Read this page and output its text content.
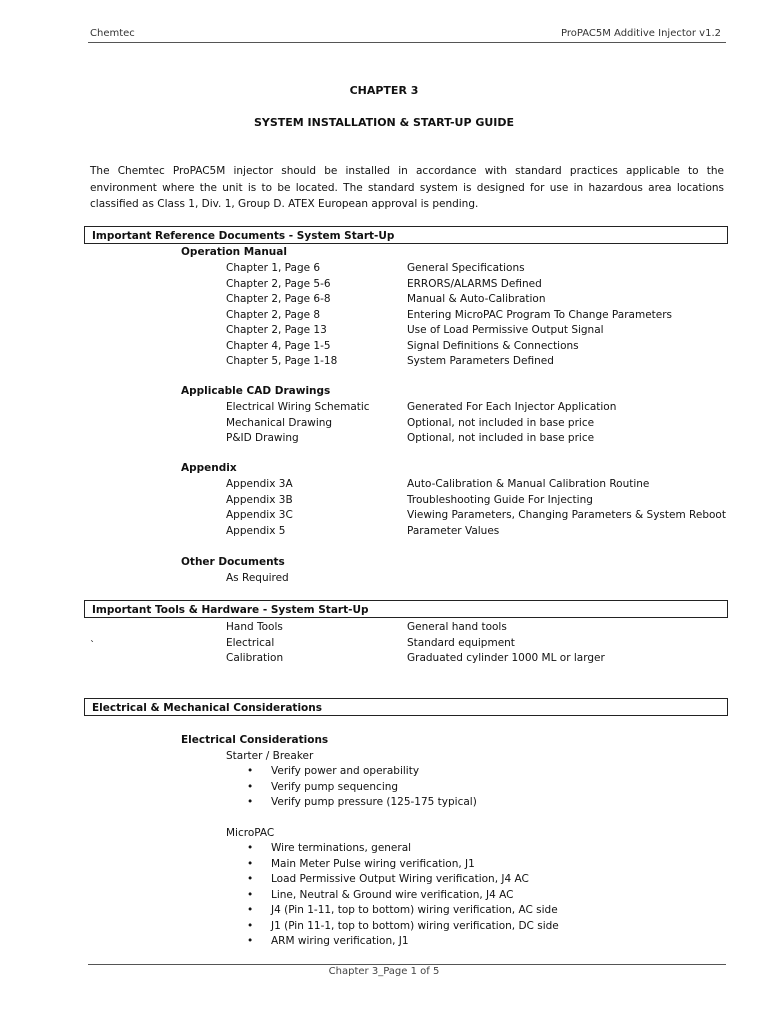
Chemtec	ProPAC5M Additive Injector v1.2
CHAPTER 3
SYSTEM INSTALLATION & START-UP GUIDE
The Chemtec ProPAC5M injector should be installed in accordance with standard practices applicable to the environment where the unit is to be located. The standard system is designed for use in hazardous area locations classified as Class 1, Div. 1, Group D. ATEX European approval is pending.
Important Reference Documents - System Start-Up
Operation Manual
Chapter 1, Page 6	General Specifications
Chapter 2, Page 5-6	ERRORS/ALARMS Defined
Chapter 2, Page 6-8	Manual & Auto-Calibration
Chapter 2, Page 8	Entering MicroPAC Program To Change Parameters
Chapter 2, Page 13	Use of Load Permissive Output Signal
Chapter 4, Page 1-5	Signal Definitions & Connections
Chapter 5, Page 1-18	System Parameters Defined
Applicable CAD Drawings
Electrical Wiring Schematic	Generated For Each Injector Application
Mechanical Drawing	Optional, not included in base price
P&ID Drawing	Optional, not included in base price
Appendix
Appendix 3A	Auto-Calibration & Manual Calibration Routine
Appendix 3B	Troubleshooting Guide For Injecting
Appendix 3C	Viewing Parameters, Changing Parameters & System Reboot
Appendix 5	Parameter Values
Other Documents
As Required
Important Tools & Hardware - System Start-Up
`
Hand Tools	General hand tools
Electrical	Standard equipment
Calibration	Graduated cylinder 1000 ML or larger
Electrical & Mechanical Considerations
Electrical Considerations
Starter / Breaker
• Verify power and operability
• Verify pump sequencing
• Verify pump pressure (125-175 typical)
MicroPAC
• Wire terminations, general
• Main Meter Pulse wiring verification, J1
• Load Permissive Output Wiring verification, J4 AC
• Line, Neutral & Ground wire verification, J4 AC
• J4 (Pin 1-11, top to bottom) wiring verification, AC side
• J1 (Pin 11-1, top to bottom) wiring verification, DC side
• ARM wiring verification, J1
Chapter 3_Page 1 of 5
